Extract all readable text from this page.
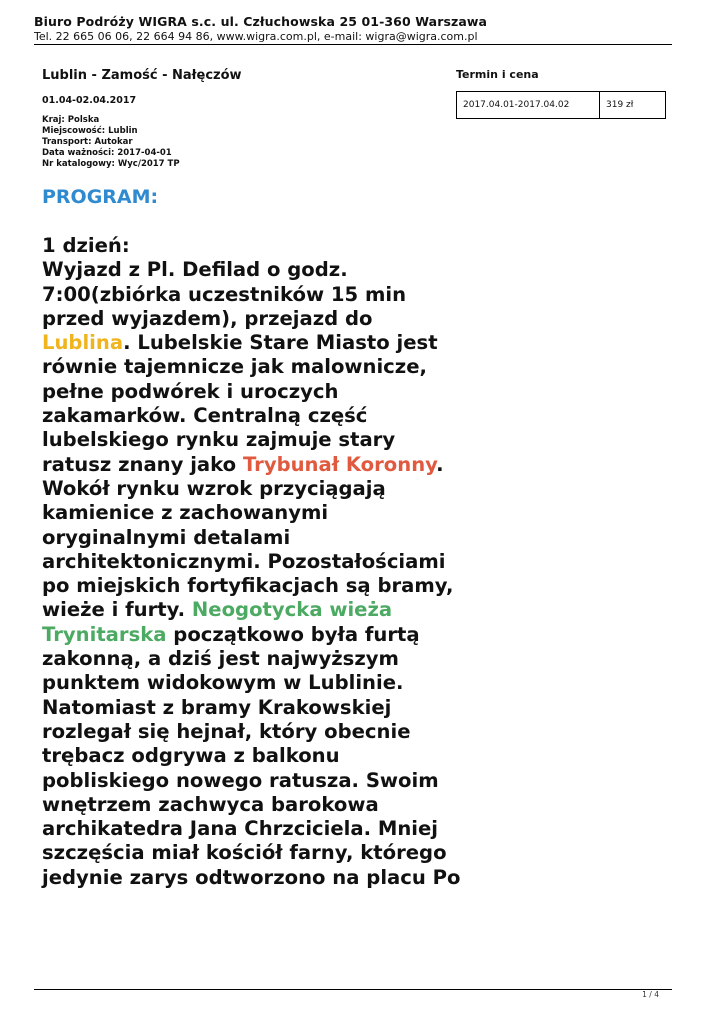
Biuro Podróży WIGRA s.c. ul. Człuchowska 25 01-360 Warszawa
Tel. 22 665 06 06, 22 664 94 86, www.wigra.com.pl, e-mail: wigra@wigra.com.pl
Lublin - Zamość - Nałęczów
01.04-02.04.2017
Kraj: Polska
Miejscowość: Lublin
Transport: Autokar
Data ważności: 2017-04-01
Nr katalogowy: Wyc/2017 TP
Termin i cena
2017.04.01-2017.04.02	319 zł
PROGRAM:
1 dzień:
Wyjazd z Pl. Defilad o godz. 7:00(zbiórka uczestników 15 min przed wyjazdem), przejazd do Lublina. Lubelskie Stare Miasto jest równie tajemnicze jak malownicze, pełne podwórek i uroczych zakamarków. Centralną część lubelskiego rynku zajmuje stary ratusz znany jako Trybunał Koronny. Wokół rynku wzrok przyciągają kamienice z zachowanymi oryginalnymi detalami architektonicznymi. Pozostałościami po miejskich fortyfikacjach są bramy, wieże i furty. Neogotycka wieża Trynitarska początkowo była furtą zakonną, a dziś jest najwyższym punktem widokowym w Lublinie. Natomiast z bramy Krakowskiej rozlegał się hejnał, który obecnie trębacz odgrywa z balkonu pobliskiego nowego ratusza. Swoim wnętrzem zachwyca barokowa archikatedra Jana Chrzciciela. Mniej szczęścia miał kościół farny, którego jedynie zarys odtworzono na placu Po
1 / 4
